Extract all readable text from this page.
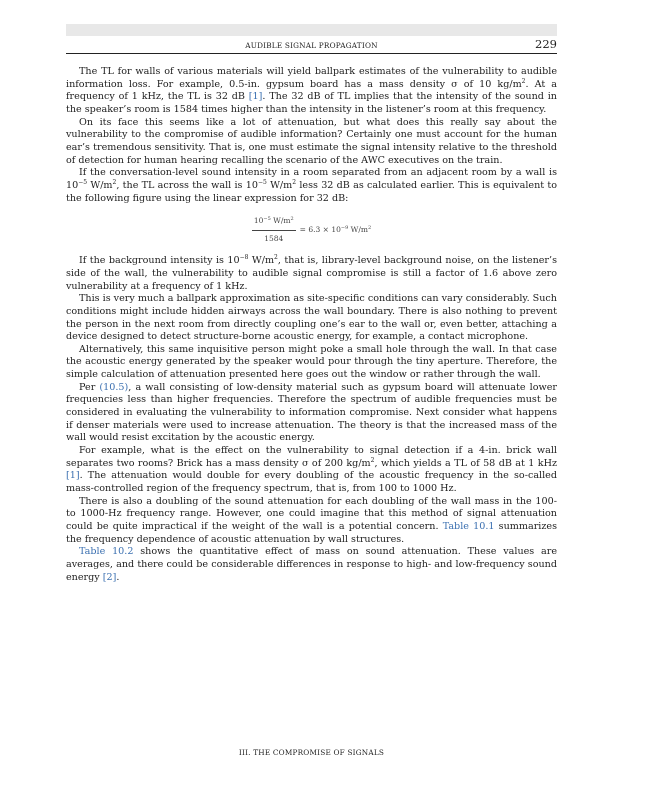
AUDIBLE SIGNAL PROPAGATION	229

The TL for walls of various materials will yield ballpark estimates of the vulnerability to audible information loss. For example, 0.5-in. gypsum board has a mass density σ of 10 $kg/m^2$. At a frequency of 1 kHz, the TL is 32 dB [1]. The 32 dB of TL implies that the intensity of the sound in the speaker’s room is 1584 times higher than the intensity in the listener’s room at this frequency.

On its face this seems like a lot of attenuation, but what does this really say about the vulnerability to the compromise of audible information? Certainly one must account for the human ear’s tremendous sensitivity. That is, one must estimate the signal intensity relative to the threshold of detection for human hearing recalling the scenario of the AWC executives on the train.

If the conversation-level sound intensity in a room separated from an adjacent room by a wall is $10^{-5}$ $W/m^2$, the TL across the wall is $10^{-5}$ $W/m^2$ less 32 dB as calculated earlier. This is equivalent to the following figure using the linear expression for 32 dB:

$\frac{10^{-5} W/m^2}{1584} = 6.3 \times 10^{-9}$ $W/m^2$

If the background intensity is $10^{-8}$ $W/m^2$, that is, library-level background noise, on the listener’s side of the wall, the vulnerability to audible signal compromise is still a factor of 1.6 above zero vulnerability at a frequency of 1 kHz.

This is very much a ballpark approximation as site-specific conditions can vary considerably. Such conditions might include hidden airways across the wall boundary. There is also nothing to prevent the person in the next room from directly coupling one’s ear to the wall or, even better, attaching a device designed to detect structure-borne acoustic energy, for example, a contact microphone.

Alternatively, this same inquisitive person might poke a small hole through the wall. In that case the acoustic energy generated by the speaker would pour through the tiny aperture. Therefore, the simple calculation of attenuation presented here goes out the window or rather through the wall.

Per (10.5), a wall consisting of low-density material such as gypsum board will attenuate lower frequencies less than higher frequencies. Therefore the spectrum of audible frequencies must be considered in evaluating the vulnerability to information compromise. Next consider what happens if denser materials were used to increase attenuation. The theory is that the increased mass of the wall would resist excitation by the acoustic energy.

For example, what is the effect on the vulnerability to signal detection if a 4-in. brick wall separates two rooms? Brick has a mass density σ of 200 $kg/m^2$, which yields a TL of 58 dB at 1 kHz [1]. The attenuation would double for every doubling of the acoustic frequency in the so-called mass-controlled region of the frequency spectrum, that is, from 100 to 1000 Hz.

There is also a doubling of the sound attenuation for each doubling of the wall mass in the 100- to 1000-Hz frequency range. However, one could imagine that this method of signal attenuation could be quite impractical if the weight of the wall is a potential concern. Table 10.1 summarizes the frequency dependence of acoustic attenuation by wall structures.

Table 10.2 shows the quantitative effect of mass on sound attenuation. These values are averages, and there could be considerable differences in response to high- and low-frequency sound energy [2].

III. THE COMPROMISE OF SIGNALS
